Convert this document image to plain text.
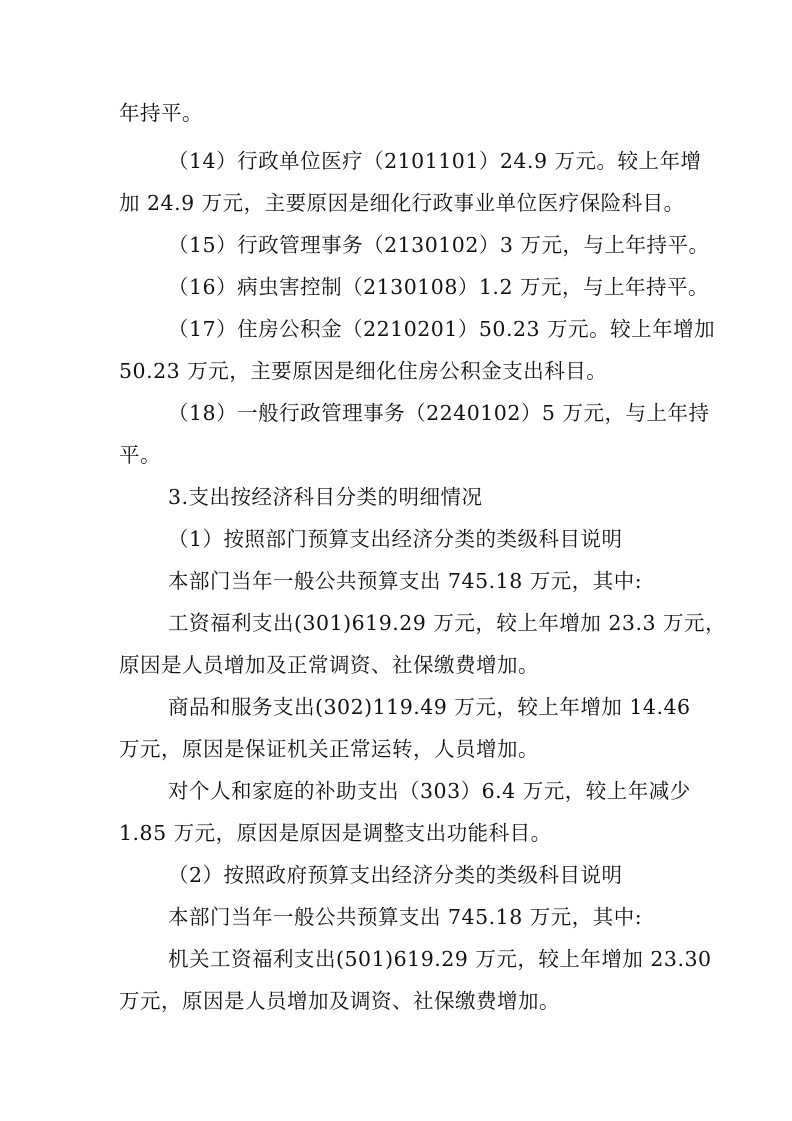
年持平。
（14）行政单位医疗（2101101）24.9 万元。较上年增
加 24.9 万元，主要原因是细化行政事业单位医疗保险科目。
（15）行政管理事务（2130102）3 万元，与上年持平。
（16）病虫害控制（2130108）1.2 万元，与上年持平。
（17）住房公积金（2210201）50.23 万元。较上年增加
50.23 万元，主要原因是细化住房公积金支出科目。
（18）一般行政管理事务（2240102）5 万元，与上年持
平。
3.支出按经济科目分类的明细情况
（1）按照部门预算支出经济分类的类级科目说明
本部门当年一般公共预算支出 745.18 万元，其中:
工资福利支出(301)619.29 万元，较上年增加 23.3 万元，
原因是人员增加及正常调资、社保缴费增加。
商品和服务支出(302)119.49 万元，较上年增加 14.46
万元，原因是保证机关正常运转，人员增加。
对个人和家庭的补助支出（303）6.4 万元，较上年减少
1.85 万元，原因是原因是调整支出功能科目。
（2）按照政府预算支出经济分类的类级科目说明
本部门当年一般公共预算支出 745.18 万元，其中:
机关工资福利支出(501)619.29 万元，较上年增加 23.30
万元，原因是人员增加及调资、社保缴费增加。
